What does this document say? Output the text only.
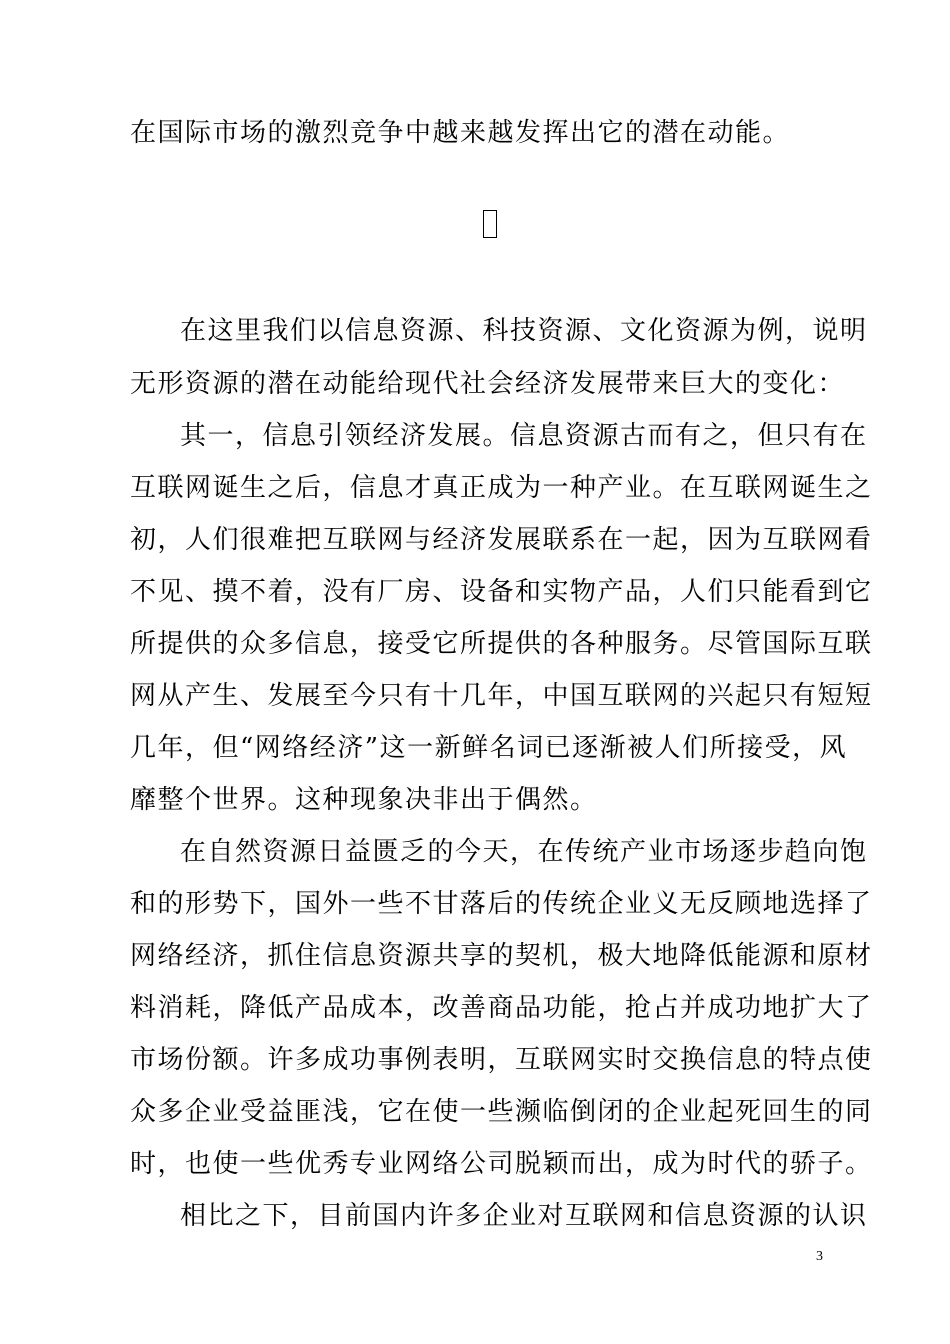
在国际市场的激烈竞争中越来越发挥出它的潜在动能。
在这里我们以信息资源、科技资源、文化资源为例，说明
无形资源的潜在动能给现代社会经济发展带来巨大的变化：
其一，信息引领经济发展。信息资源古而有之，但只有在
互联网诞生之后，信息才真正成为一种产业。在互联网诞生之
初，人们很难把互联网与经济发展联系在一起，因为互联网看
不见、摸不着，没有厂房、设备和实物产品，人们只能看到它
所提供的众多信息，接受它所提供的各种服务。尽管国际互联
网从产生、发展至今只有十几年，中国互联网的兴起只有短短
几年，但“网络经济”这一新鲜名词已逐渐被人们所接受，风
靡整个世界。这种现象决非出于偶然。
在自然资源日益匮乏的今天，在传统产业市场逐步趋向饱
和的形势下，国外一些不甘落后的传统企业义无反顾地选择了
网络经济，抓住信息资源共享的契机，极大地降低能源和原材
料消耗，降低产品成本，改善商品功能，抢占并成功地扩大了
市场份额。许多成功事例表明，互联网实时交换信息的特点使
众多企业受益匪浅，它在使一些濒临倒闭的企业起死回生的同
时，也使一些优秀专业网络公司脱颖而出，成为时代的骄子。
相比之下，目前国内许多企业对互联网和信息资源的认识
3
